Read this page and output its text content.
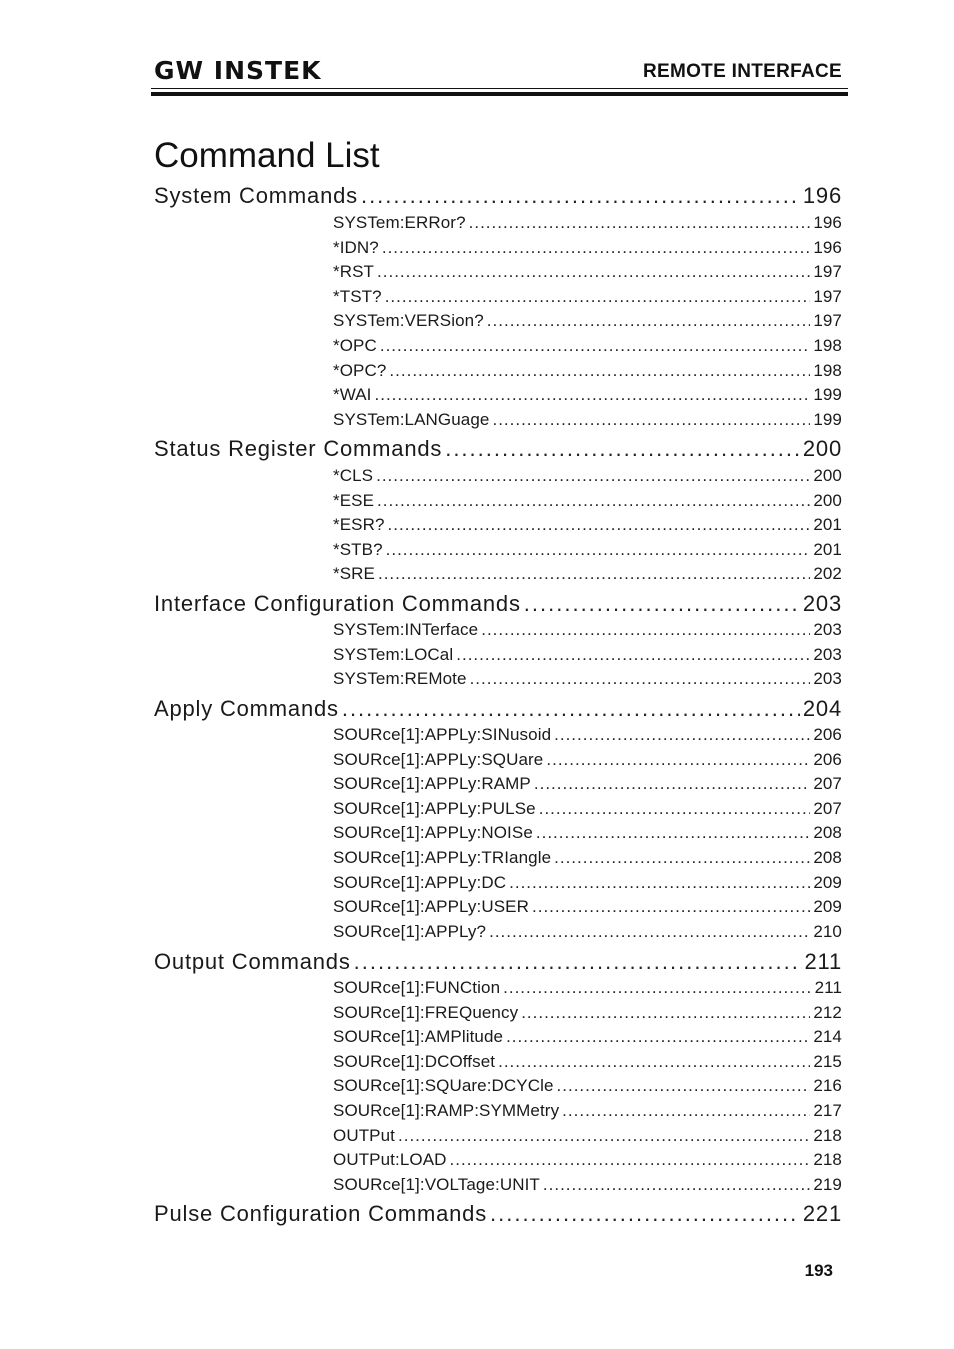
GW INSTEK	REMOTE INTERFACE
Command List
System Commands .....	196
SYSTem:ERRor? .....	196
*IDN? .....	196
*RST .....	197
*TST? .....	197
SYSTem:VERSion? .....	197
*OPC .....	198
*OPC? .....	198
*WAI .....	199
SYSTem:LANGuage .....	199
Status Register Commands .....	200
*CLS .....	200
*ESE .....	200
*ESR? .....	201
*STB? .....	201
*SRE .....	202
Interface Configuration Commands .....	203
SYSTem:INTerface .....	203
SYSTem:LOCal .....	203
SYSTem:REMote .....	203
Apply Commands .....	204
SOURce[1]:APPLy:SINusoid .....	206
SOURce[1]:APPLy:SQUare .....	206
SOURce[1]:APPLy:RAMP .....	207
SOURce[1]:APPLy:PULSe .....	207
SOURce[1]:APPLy:NOISe .....	208
SOURce[1]:APPLy:TRIangle .....	208
SOURce[1]:APPLy:DC .....	209
SOURce[1]:APPLy:USER .....	209
SOURce[1]:APPLy? .....	210
Output Commands .....	211
SOURce[1]:FUNCtion .....	211
SOURce[1]:FREQuency .....	212
SOURce[1]:AMPlitude .....	214
SOURce[1]:DCOffset .....	215
SOURce[1]:SQUare:DCYCle .....	216
SOURce[1]:RAMP:SYMMetry .....	217
OUTPut .....	218
OUTPut:LOAD .....	218
SOURce[1]:VOLTage:UNIT .....	219
Pulse Configuration Commands .....	221
193
